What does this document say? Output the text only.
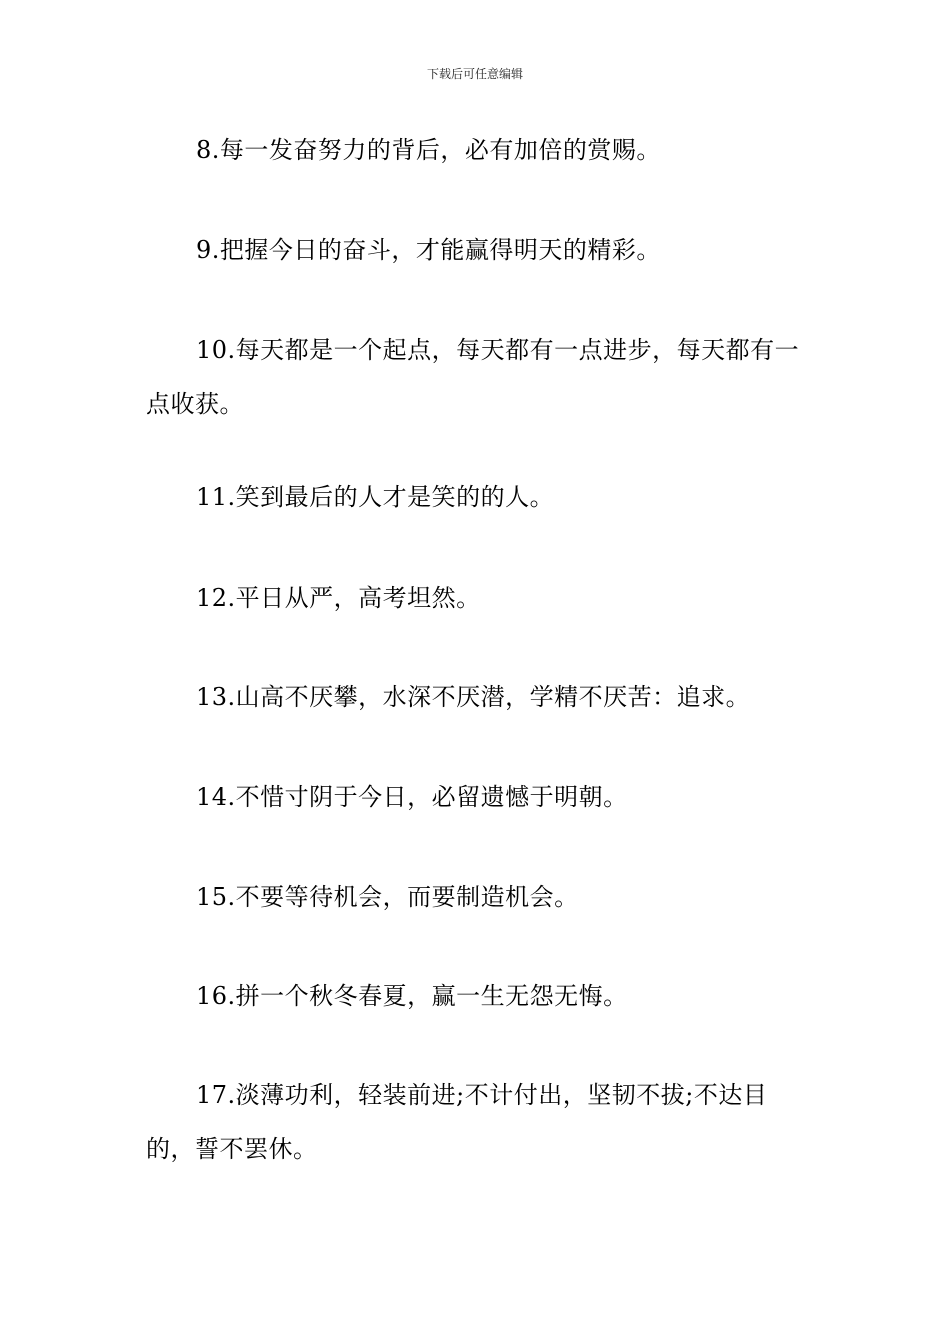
下载后可任意编辑
8.每一发奋努力的背后，必有加倍的赏赐。
9.把握今日的奋斗，才能赢得明天的精彩。
10.每天都是一个起点，每天都有一点进步，每天都有一点收获。
11.笑到最后的人才是笑的的人。
12.平日从严，高考坦然。
13.山高不厌攀，水深不厌潜，学精不厌苦：追求。
14.不惜寸阴于今日，必留遗憾于明朝。
15.不要等待机会，而要制造机会。
16.拼一个秋冬春夏，赢一生无怨无悔。
17.淡薄功利，轻装前进;不计付出，坚韧不拔;不达目的，誓不罢休。
